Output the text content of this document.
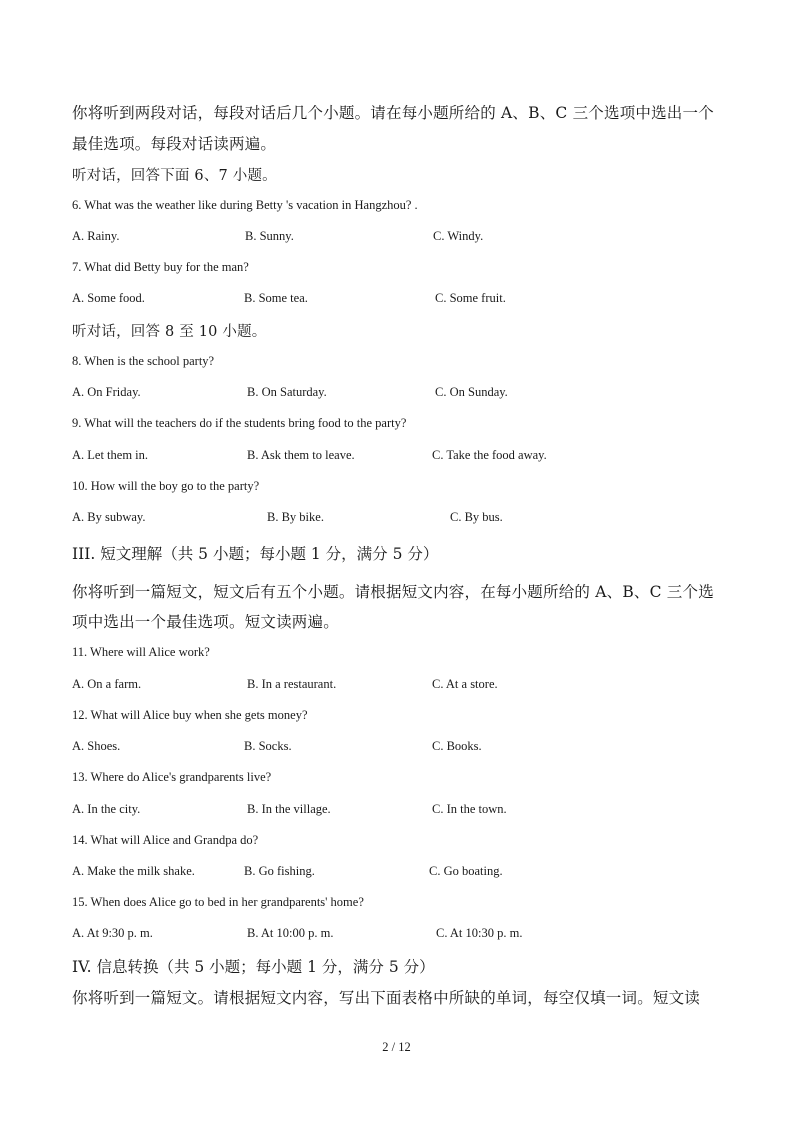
你将听到两段对话，每段对话后几个小题。请在每小题所给的 A、B、C 三个选项中选出一个
最佳选项。每段对话读两遍。
听对话，回答下面 6、7 小题。
6. What was the weather like during Betty 's vacation in Hangzhou? .
A. Rainy.	B. Sunny.	C. Windy.
7. What did Betty buy for the man?
A. Some food.	B. Some tea.	C. Some fruit.
听对话，回答 8 至 10 小题。
8. When is the school party?
A. On Friday.	B. On Saturday.	C. On Sunday.
9. What will the teachers do if the students bring food to the party?
A. Let them in.	B. Ask them to leave.	C. Take the food away.
10. How will the boy go to the party?
A. By subway.	B. By bike.	C. By bus.
III. 短文理解（共 5 小题；每小题 1 分，满分 5 分）
你将听到一篇短文，短文后有五个小题。请根据短文内容，在每小题所给的 A、B、C 三个选
项中选出一个最佳选项。短文读两遍。
11. Where will Alice work?
A. On a farm.	B. In a restaurant.	C. At a store.
12. What will Alice buy when she gets money?
A. Shoes.	B. Socks.	C. Books.
13. Where do Alice's grandparents live?
A. In the city.	B. In the village.	C. In the town.
14. What will Alice and Grandpa do?
A. Make the milk shake.	B. Go fishing.	C. Go boating.
15. When does Alice go to bed in her grandparents' home?
A. At 9:30 p. m.	B. At 10:00 p. m.	C. At 10:30 p. m.
IV. 信息转换（共 5 小题；每小题 1 分，满分 5 分）
你将听到一篇短文。请根据短文内容，写出下面表格中所缺的单词，每空仅填一词。短文读
2 / 12
